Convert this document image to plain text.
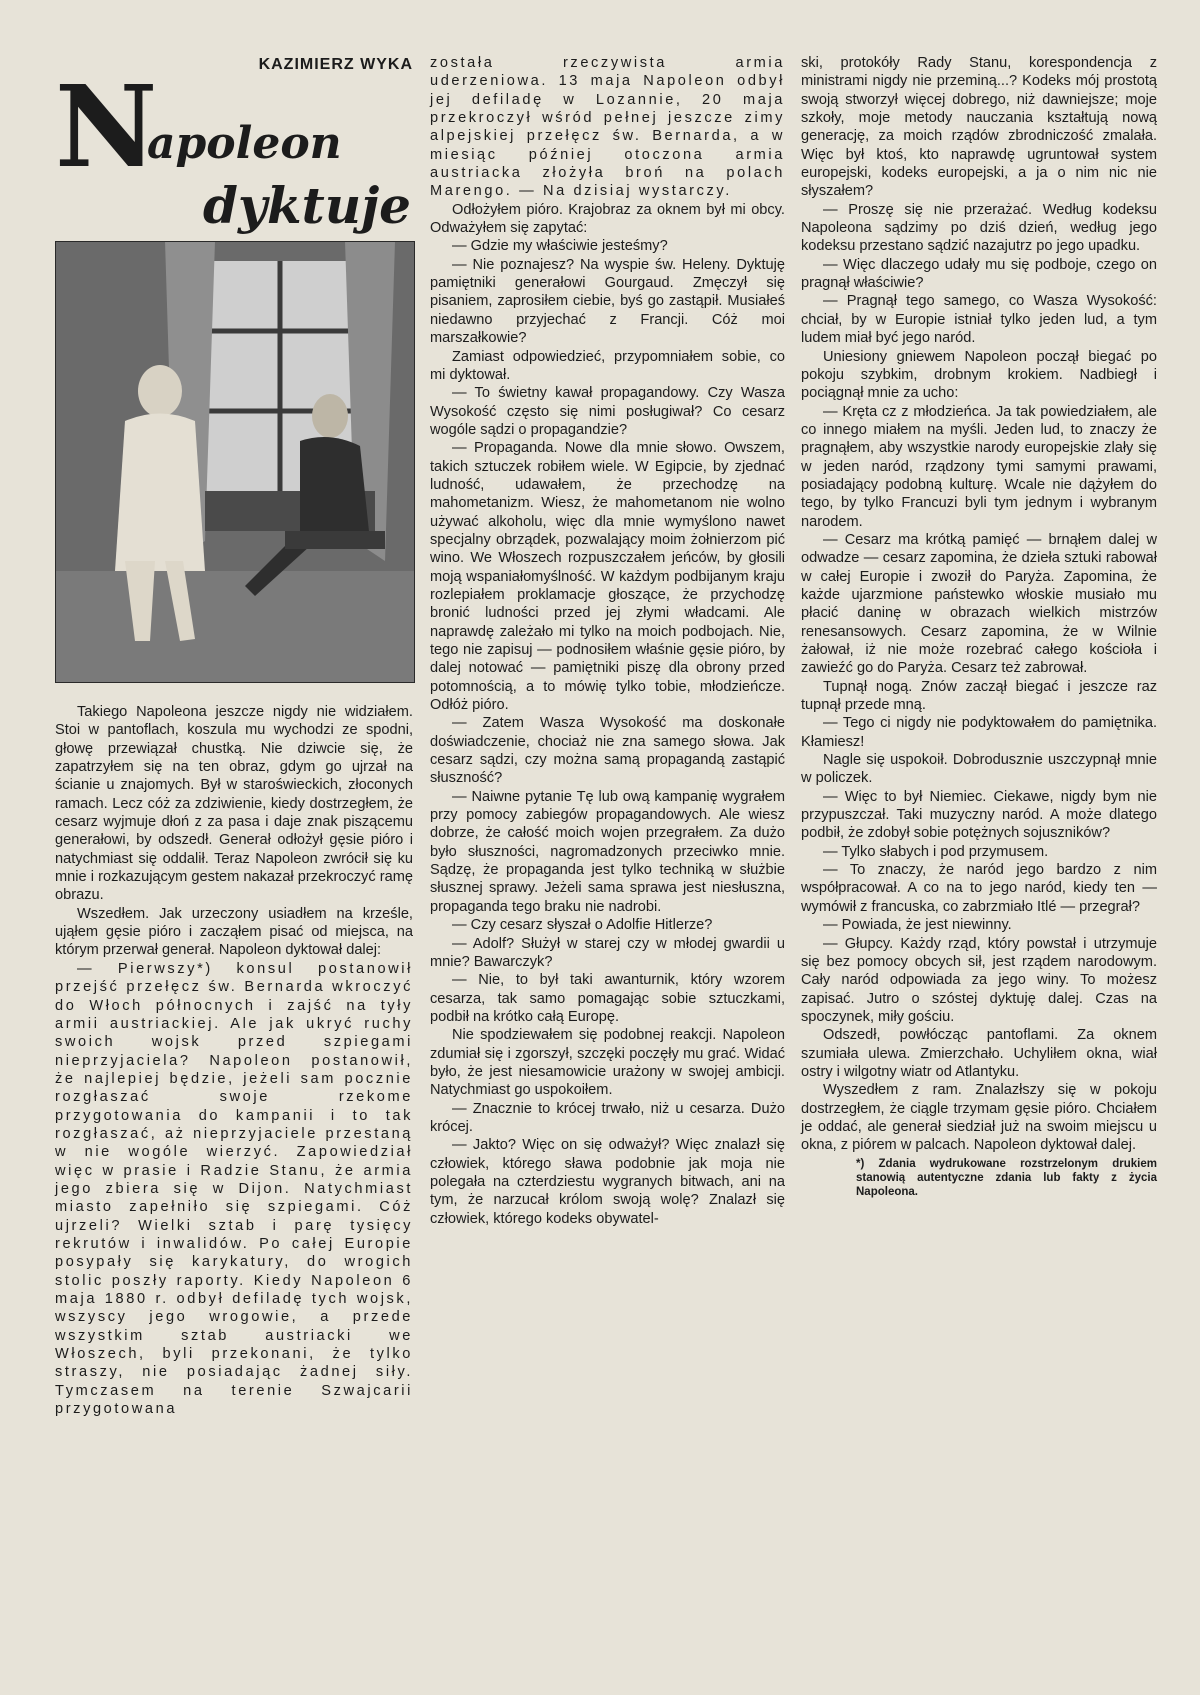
KAZIMIERZ WYKA
N
apoleon
dyktuje

Takiego Napoleona jeszcze nigdy nie widziałem. Stoi w pantoflach, koszula mu wychodzi ze spodni, głowę przewiązał chustką. Nie dziwcie się, że zapatrzyłem się na ten obraz, gdym go ujrzał na ścianie u znajomych. Był w staroświeckich, złoconych ramach. Lecz cóż za zdziwienie, kiedy dostrzegłem, że cesarz wyjmuje dłoń z za pasa i daje znak piszącemu generałowi, by odszedł. Generał odłożył gęsie pióro i natychmiast się oddalił. Teraz Napoleon zwrócił się ku mnie i rozkazującym gestem nakazał przekroczyć ramę obrazu.

Wszedłem. Jak urzeczony usiadłem na krześle, ująłem gęsie pióro i zacząłem pisać od miejsca, na którym przerwał generał. Napoleon dyktował dalej:

— Pierwszy*) konsul postanowił przejść przełęcz św. Bernarda wkroczyć do Włoch północnych i zajść na tyły armii austriackiej. Ale jak ukryć ruchy swoich wojsk przed szpiegami nieprzyjaciela? Napoleon postanowił, że najlepiej będzie, jeżeli sam pocznie rozgłaszać swoje rzekome przygotowania do kampanii i to tak rozgłaszać, aż nieprzyjaciele przestaną w nie wogóle wierzyć. Zapowiedział więc w prasie i Radzie Stanu, że armia jego zbiera się w Dijon. Natychmiast miasto zapełniło się szpiegami. Cóż ujrzeli? Wielki sztab i parę tysięcy rekrutów i inwalidów. Po całej Europie posypały się karykatury, do wrogich stolic poszły raporty. Kiedy Napoleon 6 maja 1880 r. odbył defiladę tych wojsk, wszyscy jego wrogowie, a przede wszystkim sztab austriacki we Włoszech, byli przekonani, że tylko straszy, nie posiadając żadnej siły. Tymczasem na terenie Szwajcarii przygotowana

została rzeczywista armia uderzeniowa. 13 maja Napoleon odbył jej defiladę w Lozannie, 20 maja przekroczył wśród pełnej jeszcze zimy alpejskiej przełęcz św. Bernarda, a w miesiąc później otoczona armia austriacka złożyła broń na polach Marengo. — Na dzisiaj wystarczy.

Odłożyłem pióro. Krajobraz za oknem był mi obcy. Odważyłem się zapytać:

— Gdzie my właściwie jesteśmy?

— Nie poznajesz? Na wyspie św. Heleny. Dyktuję pamiętniki generałowi Gourgaud. Zmęczył się pisaniem, zaprosiłem ciebie, byś go zastąpił. Musiałeś niedawno przyjechać z Francji. Cóż moi marszałkowie?

Zamiast odpowiedzieć, przypomniałem sobie, co mi dyktował.

— To świetny kawał propagandowy. Czy Wasza Wysokość często się nimi posługiwał? Co cesarz wogóle sądzi o propagandzie?

— Propaganda. Nowe dla mnie słowo. Owszem, takich sztuczek robiłem wiele. W Egipcie, by zjednać ludność, udawałem, że przechodzę na mahometanizm. Wiesz, że mahometanom nie wolno używać alkoholu, więc dla mnie wymyślono nawet specjalny obrządek, pozwalający moim żołnierzom pić wino. We Włoszech rozpuszczałem jeńców, by głosili moją wspaniałomyślność. W każdym podbijanym kraju rozlepiałem proklamacje głoszące, że przychodzę bronić ludności przed jej złymi władcami. Ale naprawdę zależało mi tylko na moich podbojach. Nie, tego nie zapisuj — podnosiłem właśnie gęsie pióro, by dalej notować — pamiętniki piszę dla obrony przed potomnością, a to mówię tylko tobie, młodzieńcze. Odłóż pióro.

— Zatem Wasza Wysokość ma doskonałe doświadczenie, chociaż nie zna samego słowa. Jak cesarz sądzi, czy można samą propagandą zastąpić słuszność?

— Naiwne pytanie Tę lub ową kampanię wygrałem przy pomocy zabiegów propagandowych. Ale wiesz dobrze, że całość moich wojen przegrałem. Za dużo było słuszności, nagromadzonych przeciwko mnie. Sądzę, że propaganda jest tylko techniką w służbie słusznej sprawy. Jeżeli sama sprawa jest niesłuszna, propaganda tego braku nie nadrobi.

— Czy cesarz słyszał o Adolfie Hitlerze?

— Adolf? Służył w starej czy w młodej gwardii u mnie? Bawarczyk?

— Nie, to był taki awanturnik, który wzorem cesarza, tak samo pomagając sobie sztuczkami, podbił na krótko całą Europę.

Nie spodziewałem się podobnej reakcji. Napoleon zdumiał się i zgorszył, szczęki poczęły mu grać. Widać było, że jest niesamowicie urażony w swojej ambicji. Natychmiast go uspokoiłem.

— Znacznie to krócej trwało, niż u cesarza. Dużo krócej.

— Jakto? Więc on się odważył? Więc znalazł się człowiek, którego sława podobnie jak moja nie polegała na czterdziestu wygranych bitwach, ani na tym, że narzucał królom swoją wolę? Znalazł się człowiek, którego kodeks obywatel-

ski, protokóły Rady Stanu, korespondencja z ministrami nigdy nie przeminą...? Kodeks mój prostotą swoją stworzył więcej dobrego, niż dawniejsze; moje szkoły, moje metody nauczania kształtują nową generację, za moich rządów zbrodniczość zmalała. Więc był ktoś, kto naprawdę ugruntował system europejski, kodeks europejski, a ja o nim nic nie słyszałem?

— Proszę się nie przerażać. Według kodeksu Napoleona sądzimy po dziś dzień, według jego kodeksu przestano sądzić nazajutrz po jego upadku.

— Więc dlaczego udały mu się podboje, czego on pragnął właściwie?

— Pragnął tego samego, co Wasza Wysokość: chciał, by w Europie istniał tylko jeden lud, a tym ludem miał być jego naród.

Uniesiony gniewem Napoleon począł biegać po pokoju szybkim, drobnym krokiem. Nadbiegł i pociągnął mnie za ucho:

— Kręta cz z młodzieńca. Ja tak powiedziałem, ale co innego miałem na myśli. Jeden lud, to znaczy że pragnąłem, aby wszystkie narody europejskie zlały się w jeden naród, rządzony tymi samymi prawami, posiadający podobną kulturę. Wcale nie dążyłem do tego, by tylko Francuzi byli tym jednym i wybranym narodem.

— Cesarz ma krótką pamięć — brnąłem dalej w odwadze — cesarz zapomina, że dzieła sztuki rabował w całej Europie i zwoził do Paryża. Zapomina, że każde ujarzmione państewko włoskie musiało mu płacić daninę w obrazach wielkich mistrzów renesansowych. Cesarz zapomina, że w Wilnie żałował, iż nie może rozebrać całego kościoła i zawieźć go do Paryża. Cesarz też zabrował.

Tupnął nogą. Znów zaczął biegać i jeszcze raz tupnął przede mną.

— Tego ci nigdy nie podyktowałem do pamiętnika. Kłamiesz!

Nagle się uspokoił. Dobrodusznie uszczypnął mnie w policzek.

— Więc to był Niemiec. Ciekawe, nigdy bym nie przypuszczał. Taki muzyczny naród. A może dlatego podbił, że zdobył sobie potężnych sojuszników?

— Tylko słabych i pod przymusem.

— To znaczy, że naród jego bardzo z nim współpracował. A co na to jego naród, kiedy ten — wymówił z francuska, co zabrzmiało Itlé — przegrał?

— Powiada, że jest niewinny.

— Głupcy. Każdy rząd, który powstał i utrzymuje się bez pomocy obcych sił, jest rządem narodowym. Cały naród odpowiada za jego winy. To możesz zapisać. Jutro o szóstej dyktuję dalej. Czas na spoczynek, miły gościu.

Odszedł, powłócząc pantoflami. Za oknem szumiała ulewa. Zmierzchało. Uchyliłem okna, wiał ostry i wilgotny wiatr od Atlantyku.

Wyszedłem z ram. Znalazłszy się w pokoju dostrzegłem, że ciągle trzymam gęsie pióro. Chciałem je oddać, ale generał siedział już na swoim miejscu u okna, z piórem w palcach. Napoleon dyktował dalej.

*) Zdania wydrukowane rozstrzelonym drukiem stanowią autentyczne zdania lub fakty z życia Napoleona.
